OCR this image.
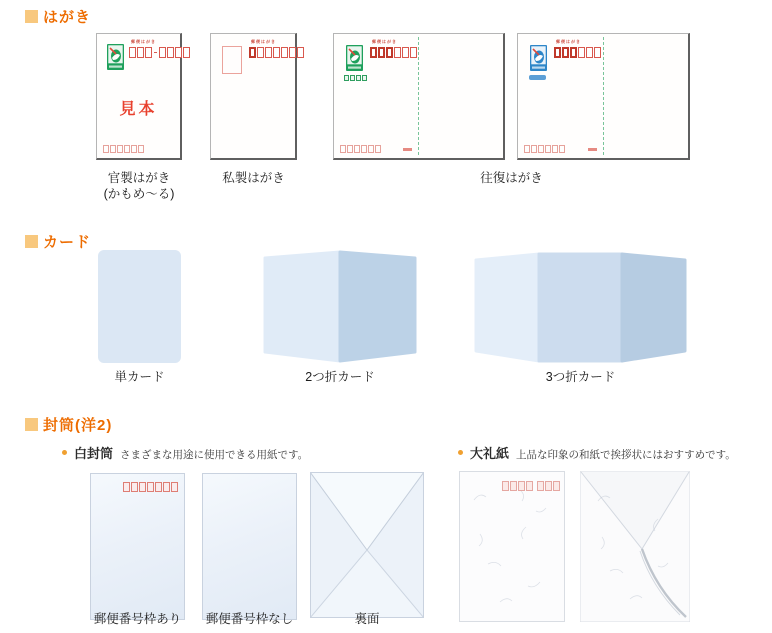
はがき
郵便はがき
見本
郵便はがき	郵便はがき	郵便はがき
官製はがき
(かもめ〜る)
私製はがき	往復はがき
カード
単カード	2つ折カード	3つ折カード
封筒(洋2)
白封筒 さまざまな用途に使用できる用紙です。	大礼紙 上品な印象の和紙で挨拶状にはおすすめです。
郵便番号枠あり	郵便番号枠なし	裏面
